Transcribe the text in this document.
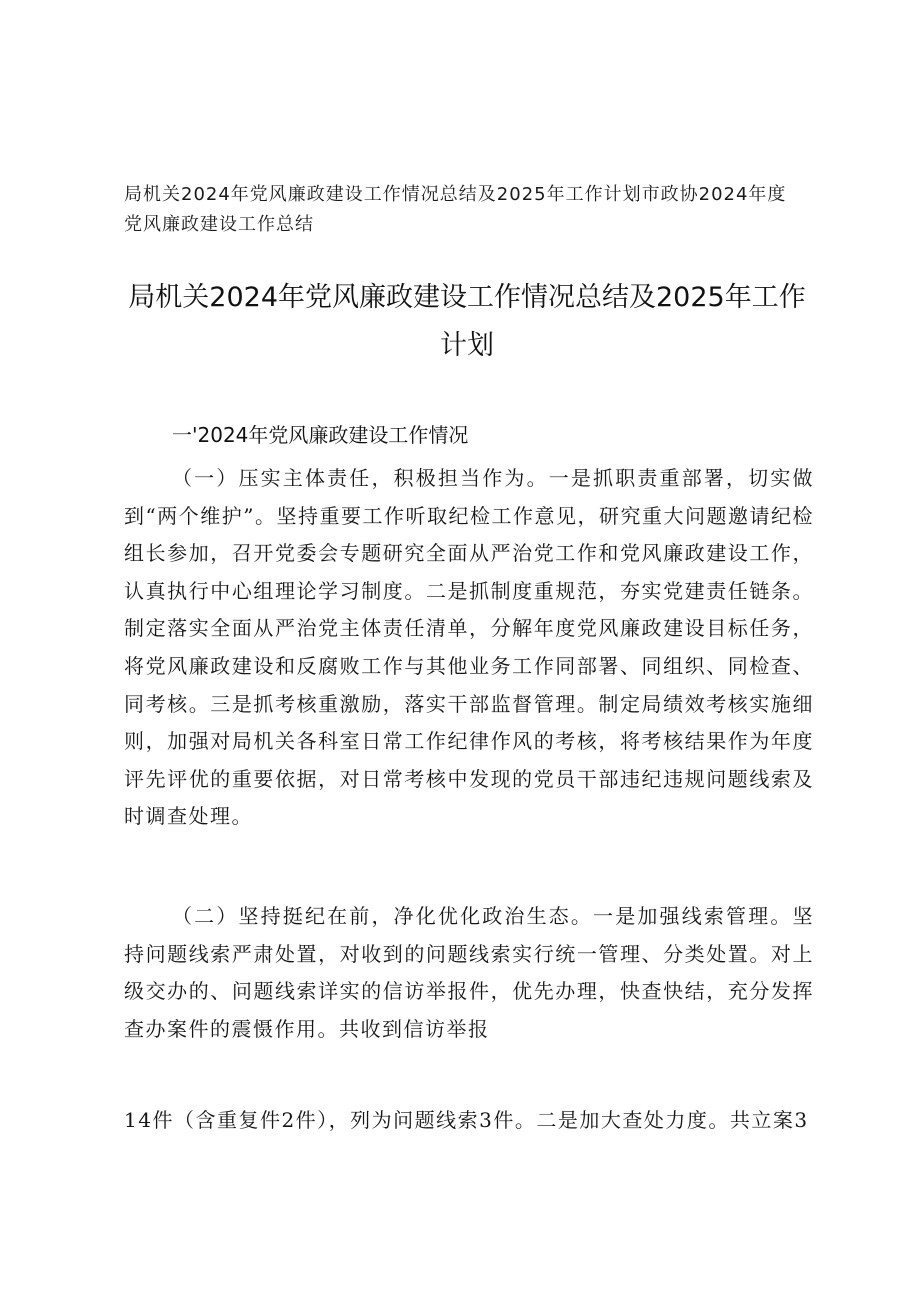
局机关2024年党风廉政建设工作情况总结及2025年工作计划市政协2024年度党风廉政建设工作总结
局机关2024年党风廉政建设工作情况总结及2025年工作计划
一'2024年党风廉政建设工作情况

（一）压实主体责任，积极担当作为。一是抓职责重部署，切实做到“两个维护”。坚持重要工作听取纪检工作意见，研究重大问题邀请纪检组长参加，召开党委会专题研究全面从严治党工作和党风廉政建设工作，认真执行中心组理论学习制度。二是抓制度重规范，夯实党建责任链条。制定落实全面从严治党主体责任清单，分解年度党风廉政建设目标任务，将党风廉政建设和反腐败工作与其他业务工作同部署、同组织、同检查、同考核。三是抓考核重激励，落实干部监督管理。制定局绩效考核实施细则，加强对局机关各科室日常工作纪律作风的考核，将考核结果作为年度评先评优的重要依据，对日常考核中发现的党员干部违纪违规问题线索及时调查处理。

（二）坚持挺纪在前，净化优化政治生态。一是加强线索管理。坚持问题线索严肃处置，对收到的问题线索实行统一管理、分类处置。对上级交办的、问题线索详实的信访举报件，优先办理，快查快结，充分发挥查办案件的震慑作用。共收到信访举报

14件（含重复件2件），列为问题线索3件。二是加大查处力度。共立案3
